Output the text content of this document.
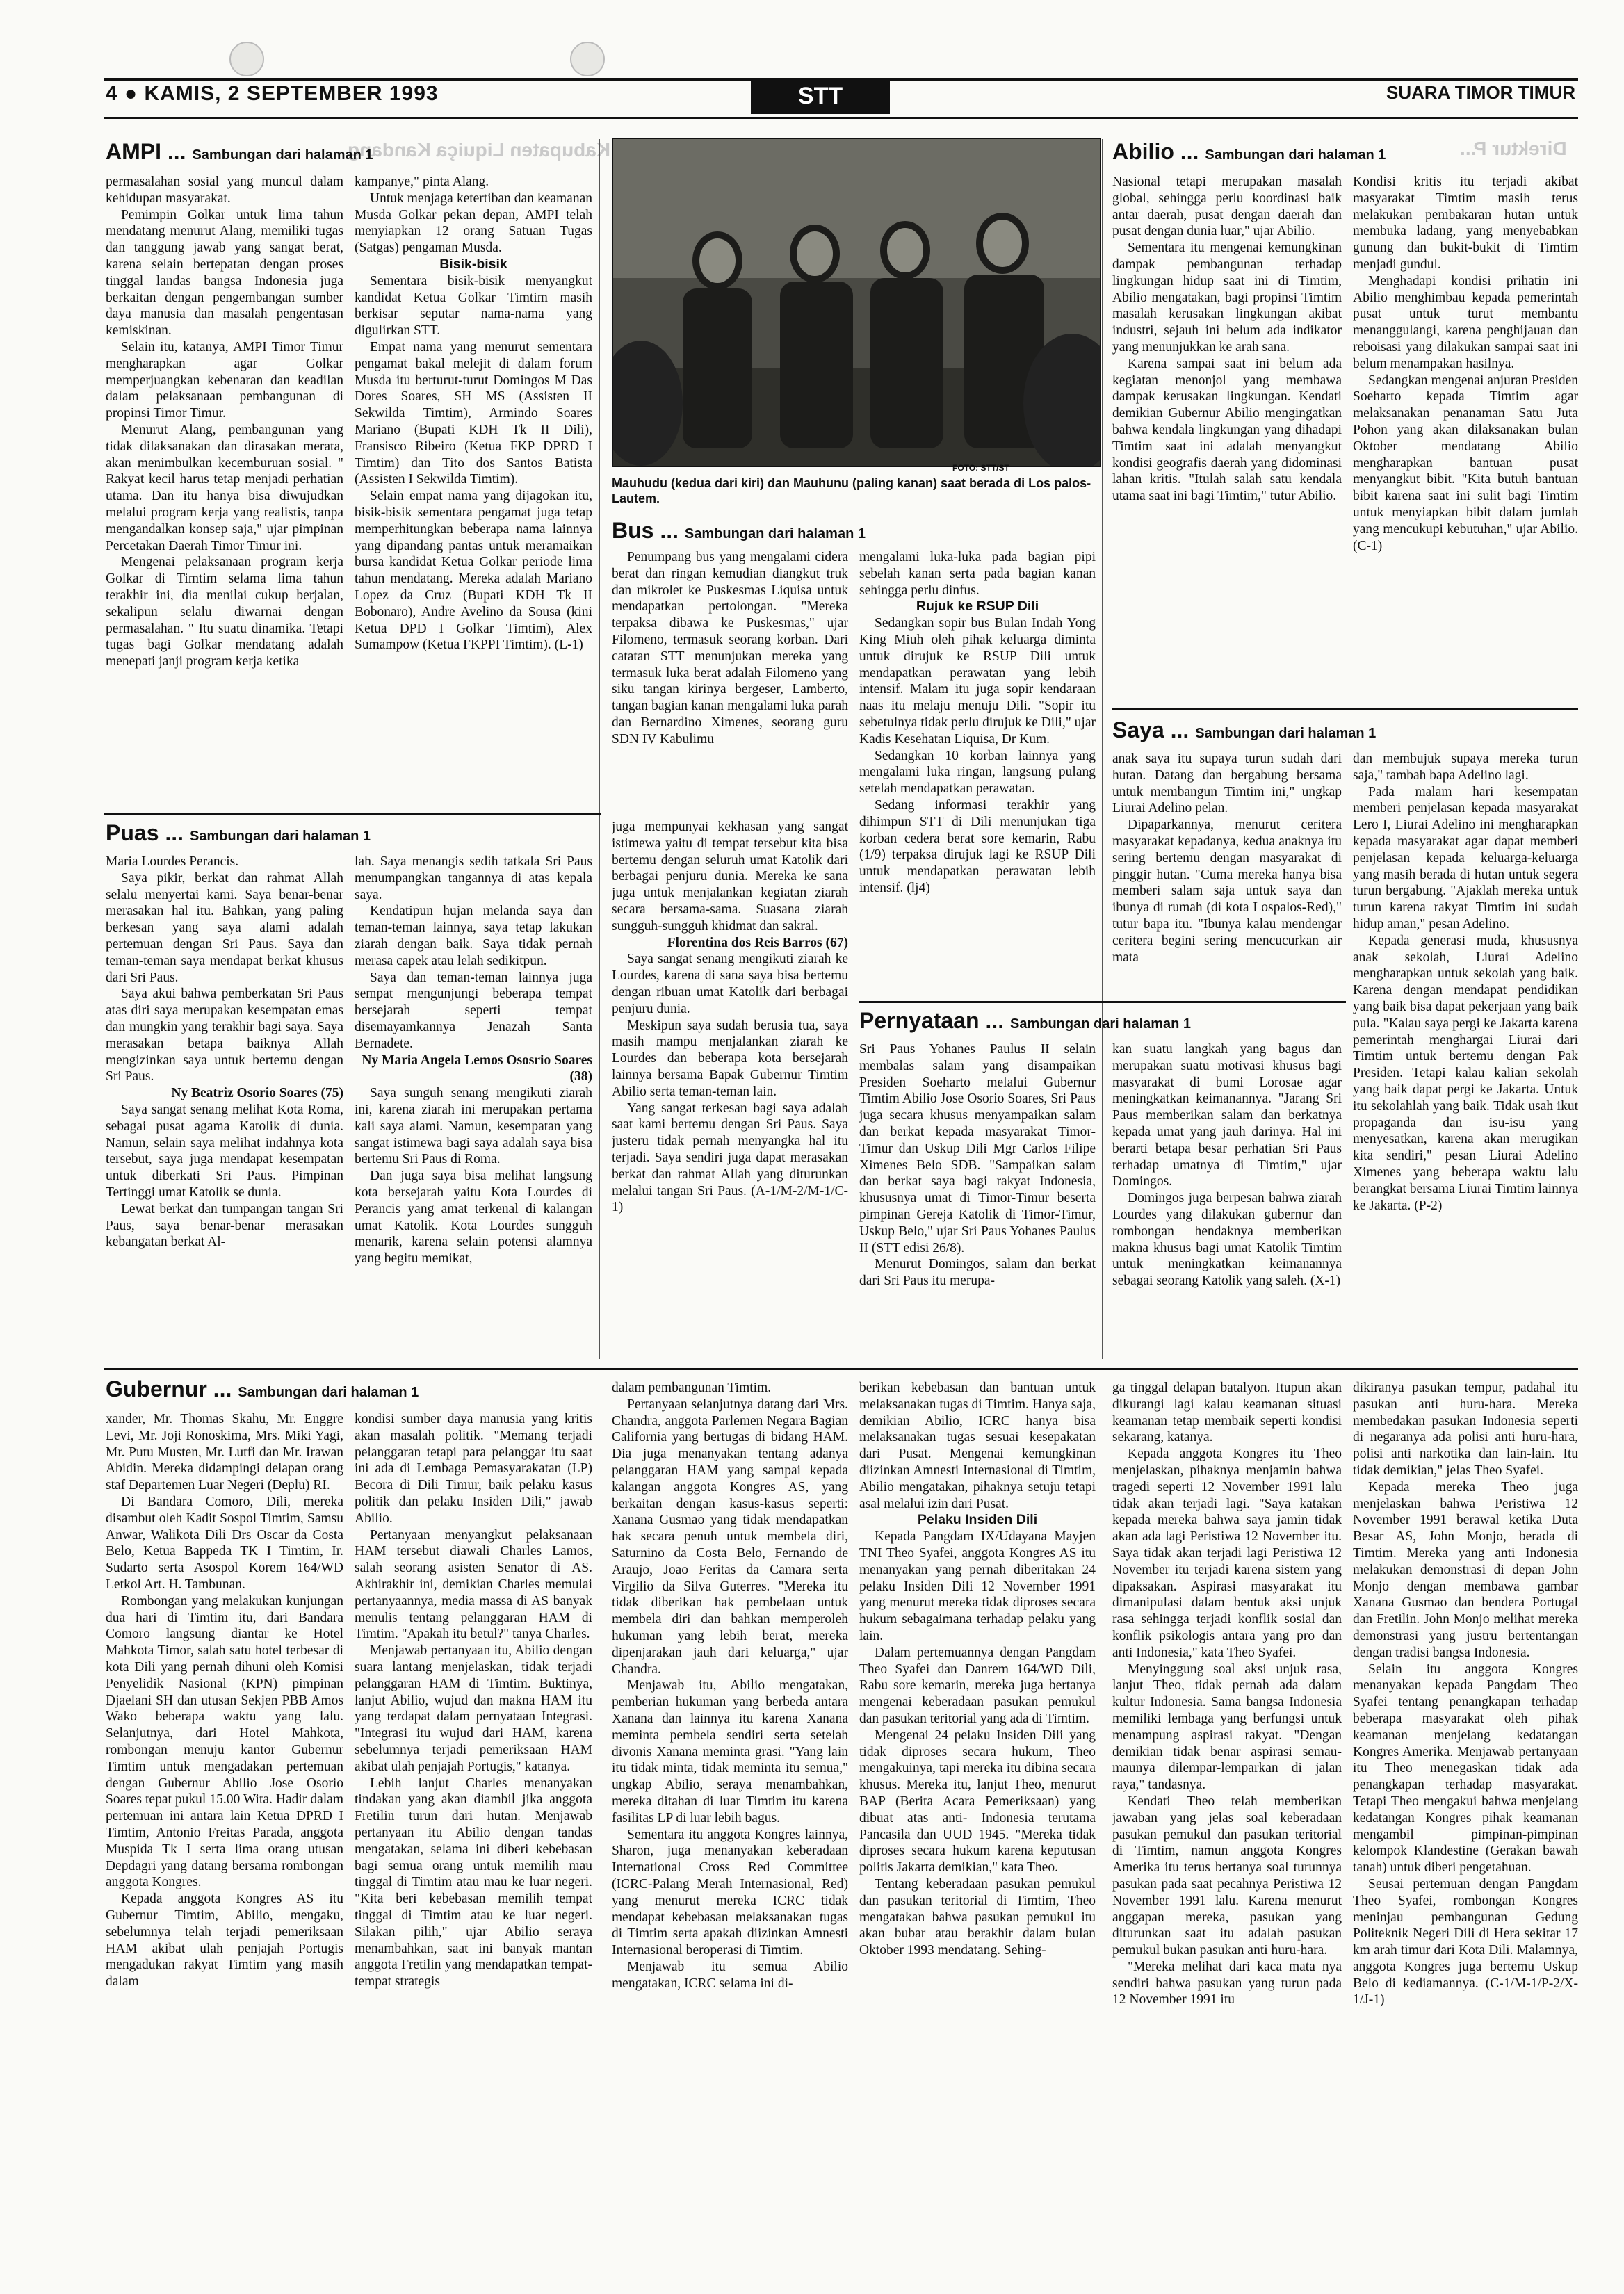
Kabupaten Liquiça Kandang	Direktur P...
4 ● KAMIS, 2 SEPTEMBER 1993	STT	SUARA TIMOR TIMUR
AMPI ... Sambungan dari halaman 1

permasalahan sosial yang muncul dalam kehidupan masyarakat.

Pemimpin Golkar untuk lima tahun mendatang menurut Alang, memiliki tugas dan tanggung jawab yang sangat berat, karena selain bertepatan dengan proses tinggal landas bangsa Indonesia juga berkaitan dengan pengembangan sumber daya manusia dan masalah pengentasan kemiskinan.

Selain itu, katanya, AMPI Timor Timur mengharapkan agar Golkar memperjuangkan kebenaran dan keadilan dalam pelaksanaan pembangunan di propinsi Timor Timur.

Menurut Alang, pembangunan yang tidak dilaksanakan dan dirasakan merata, akan menimbulkan kecemburuan sosial. " Rakyat kecil harus tetap menjadi perhatian utama. Dan itu hanya bisa diwujudkan melalui program kerja yang realistis, tanpa mengandalkan konsep saja," ujar pimpinan Percetakan Daerah Timor Timur ini.

Mengenai pelaksanaan program kerja Golkar di Timtim selama lima tahun terakhir ini, dia menilai cukup berjalan, sekalipun selalu diwarnai dengan permasalahan. " Itu suatu dinamika. Tetapi tugas bagi Golkar mendatang adalah menepati janji program kerja ketika

kampanye," pinta Alang.

Untuk menjaga ketertiban dan keamanan Musda Golkar pekan depan, AMPI telah menyiapkan 12 orang Satuan Tugas (Satgas) pengaman Musda.

Bisik-bisik

Sementara bisik-bisik menyangkut kandidat Ketua Golkar Timtim masih berkisar seputar nama-nama yang digulirkan STT.

Empat nama yang menurut sementara pengamat bakal melejit di dalam forum Musda itu berturut-turut Domingos M Das Dores Soares, SH MS (Assisten II Sekwilda Timtim), Armindo Soares Mariano (Bupati KDH Tk II Dili), Fransisco Ribeiro (Ketua FKP DPRD I Timtim) dan Tito dos Santos Batista (Assisten I Sekwilda Timtim).

Selain empat nama yang dijagokan itu, bisik-bisik sementara pengamat juga tetap memperhitungkan beberapa nama lainnya yang dipandang pantas untuk meramaikan bursa kandidat Ketua Golkar periode lima tahun mendatang. Mereka adalah Mariano Lopez da Cruz (Bupati KDH Tk II Bobonaro), Andre Avelino da Sousa (kini Ketua DPD I Golkar Timtim), Alex Sumampow (Ketua FKPPI Timtim). (L-1)

FOTO: STT/ST
Mauhudu (kedua dari kiri) dan Mauhunu (paling kanan) saat berada di Los palos-Lautem.
Bus ... Sambungan dari halaman 1

Penumpang bus yang mengalami cidera berat dan ringan kemudian diangkut truk dan mikrolet ke Puskesmas Liquisa untuk mendapatkan pertolongan. "Mereka terpaksa dibawa ke Puskesmas," ujar Filomeno, termasuk seorang korban. Dari catatan STT menunjukan mereka yang termasuk luka berat adalah Filomeno yang siku tangan kirinya bergeser, Lamberto, tangan bagian kanan mengalami luka parah dan Bernardino Ximenes, seorang guru SDN IV Kabulimu

mengalami luka-luka pada bagian pipi sebelah kanan serta pada bagian kanan sehingga perlu dinfus.

Rujuk ke RSUP Dili

Sedangkan sopir bus Bulan Indah Yong King Miuh oleh pihak keluarga diminta untuk dirujuk ke RSUP Dili untuk mendapatkan perawatan yang lebih intensif. Malam itu juga sopir kendaraan naas itu melaju menuju Dili. "Sopir itu sebetulnya tidak perlu dirujuk ke Dili," ujar Kadis Kesehatan Liquisa, Dr Kum.

Sedangkan 10 korban lainnya yang mengalami luka ringan, langsung pulang setelah mendapatkan perawatan.

Sedang informasi terakhir yang dihimpun STT di Dili menunjukan tiga korban cedera berat sore kemarin, Rabu (1/9) terpaksa dirujuk lagi ke RSUP Dili untuk mendapatkan perawatan lebih intensif. (lj4)

Abilio ... Sambungan dari halaman 1

Nasional tetapi merupakan masalah global, sehingga perlu koordinasi baik antar daerah, pusat dengan daerah dan pusat dengan dunia luar," ujar Abilio.

Sementara itu mengenai kemungkinan dampak pembangunan terhadap lingkungan hidup saat ini di Timtim, Abilio mengatakan, bagi propinsi Timtim masalah kerusakan lingkungan akibat industri, sejauh ini belum ada indikator yang menunjukkan ke arah sana.

Karena sampai saat ini belum ada kegiatan menonjol yang membawa dampak kerusakan lingkungan. Kendati demikian Gubernur Abilio mengingatkan bahwa kendala lingkungan yang dihadapi Timtim saat ini adalah menyangkut kondisi geografis daerah yang didominasi lahan kritis. "Itulah salah satu kendala utama saat ini bagi Timtim," tutur Abilio.

Kondisi kritis itu terjadi akibat masyarakat Timtim masih terus melakukan pembakaran hutan untuk membuka ladang, yang menyebabkan gunung dan bukit-bukit di Timtim menjadi gundul.

Menghadapi kondisi prihatin ini Abilio menghimbau kepada pemerintah pusat untuk turut membantu menanggulangi, karena penghijauan dan reboisasi yang dilakukan sampai saat ini belum menampakan hasilnya.

Sedangkan mengenai anjuran Presiden Soeharto kepada Timtim agar melaksanakan penanaman Satu Juta Pohon yang akan dilaksanakan bulan Oktober mendatang Abilio mengharapkan bantuan pusat menyangkut bibit. "Kita butuh bantuan bibit karena saat ini sulit bagi Timtim untuk menyiapkan bibit dalam jumlah yang mencukupi kebutuhan," ujar Abilio. (C-1)

Saya ... Sambungan dari halaman 1

anak saya itu supaya turun sudah dari hutan. Datang dan bergabung bersama untuk membangun Timtim ini," ungkap Liurai Adelino pelan.

Dipaparkannya, menurut ceritera masyarakat kepadanya, kedua anaknya itu sering bertemu dengan masyarakat di pinggir hutan. "Cuma mereka hanya bisa memberi salam saja untuk saya dan ibunya di rumah (di kota Lospalos-Red)," tutur bapa itu. "Ibunya kalau mendengar ceritera begini sering mencucurkan air mata

dan membujuk supaya mereka turun saja," tambah bapa Adelino lagi.

Pada malam hari kesempatan memberi penjelasan kepada masyarakat Lero I, Liurai Adelino ini mengharapkan kepada masyarakat agar dapat memberi penjelasan kepada keluarga-keluarga yang masih berada di hutan untuk segera turun bergabung. "Ajaklah mereka untuk turun karena rakyat Timtim ini sudah hidup aman," pesan Adelino.

Kepada generasi muda, khususnya anak sekolah, Liurai Adelino mengharapkan untuk sekolah yang baik. Karena dengan mendapat pendidikan yang baik bisa dapat pekerjaan yang baik pula. "Kalau saya pergi ke Jakarta karena pemerintah menghargai Liurai dari Timtim untuk bertemu dengan Pak Presiden. Tetapi kalau kalian sekolah yang baik dapat pergi ke Jakarta. Untuk itu sekolahlah yang baik. Tidak usah ikut propaganda dan isu-isu yang menyesatkan, karena akan merugikan kita sendiri," pesan Liurai Adelino Ximenes yang beberapa waktu lalu berangkat bersama Liurai Timtim lainnya ke Jakarta. (P-2)

Puas ... Sambungan dari halaman 1

Maria Lourdes Perancis.

Saya pikir, berkat dan rahmat Allah selalu menyertai kami. Saya benar-benar merasakan hal itu. Bahkan, yang paling berkesan yang saya alami adalah pertemuan dengan Sri Paus. Saya dan teman-teman saya mendapat berkat khusus dari Sri Paus.

Saya akui bahwa pemberkatan Sri Paus atas diri saya merupakan kesempatan emas dan mungkin yang terakhir bagi saya. Saya merasakan betapa baiknya Allah mengizinkan saya untuk bertemu dengan Sri Paus.

Ny Beatriz Osorio Soares (75)

Saya sangat senang melihat Kota Roma, sebagai pusat agama Katolik di dunia. Namun, selain saya melihat indahnya kota tersebut, saya juga mendapat kesempatan untuk diberkati Sri Paus. Pimpinan Tertinggi umat Katolik se dunia.

Lewat berkat dan tumpangan tangan Sri Paus, saya benar-benar merasakan kebangatan berkat Al-

lah. Saya menangis sedih tatkala Sri Paus menumpangkan tangannya di atas kepala saya.

Kendatipun hujan melanda saya dan teman-teman lainnya, saya tetap lakukan ziarah dengan baik. Saya tidak pernah merasa capek atau lelah sedikitpun.

Saya dan teman-teman lainnya juga sempat mengunjungi beberapa tempat bersejarah seperti tempat disemayamkannya Jenazah Santa Bernadete.

Ny Maria Angela Lemos Ososrio Soares (38)

Saya sunguh senang mengikuti ziarah ini, karena ziarah ini merupakan pertama kali saya alami. Namun, kesempatan yang sangat istimewa bagi saya adalah saya bisa bertemu Sri Paus di Roma.

Dan juga saya bisa melihat langsung kota bersejarah yaitu Kota Lourdes di Perancis yang amat terkenal di kalangan umat Katolik. Kota Lourdes sungguh menarik, karena selain potensi alamnya yang begitu memikat,

juga mempunyai kekhasan yang sangat istimewa yaitu di tempat tersebut kita bisa bertemu dengan seluruh umat Katolik dari berbagai penjuru dunia. Mereka ke sana juga untuk menjalankan kegiatan ziarah secara bersama-sama. Suasana ziarah sungguh-sungguh khidmat dan sakral.

Florentina dos Reis Barros (67)

Saya sangat senang mengikuti ziarah ke Lourdes, karena di sana saya bisa bertemu dengan ribuan umat Katolik dari berbagai penjuru dunia.

Meskipun saya sudah berusia tua, saya masih mampu menjalankan ziarah ke Lourdes dan beberapa kota bersejarah lainnya bersama Bapak Gubernur Timtim Abilio serta teman-teman lain.

Yang sangat terkesan bagi saya adalah saat kami bertemu dengan Sri Paus. Saya justeru tidak pernah menyangka hal itu terjadi. Saya sendiri juga dapat merasakan berkat dan rahmat Allah yang diturunkan melalui tangan Sri Paus. (A-1/M-2/M-1/C-1)

Pernyataan ... Sambungan dari halaman 1

Sri Paus Yohanes Paulus II selain membalas salam yang disampaikan Presiden Soeharto melalui Gubernur Timtim Abilio Jose Osorio Soares, Sri Paus juga secara khusus menyampaikan salam dan berkat kepada masyarakat Timor-Timur dan Uskup Dili Mgr Carlos Filipe Ximenes Belo SDB. "Sampaikan salam dan berkat saya bagi rakyat Indonesia, khususnya umat di Timor-Timur beserta pimpinan Gereja Katolik di Timor-Timur, Uskup Belo," ujar Sri Paus Yohanes Paulus II (STT edisi 26/8).

Menurut Domingos, salam dan berkat dari Sri Paus itu merupa-

kan suatu langkah yang bagus dan merupakan suatu motivasi khusus bagi masyarakat di bumi Lorosae agar meningkatkan keimanannya. "Jarang Sri Paus memberikan salam dan berkatnya kepada umat yang jauh darinya. Hal ini berarti betapa besar perhatian Sri Paus terhadap umatnya di Timtim," ujar Domingos.

Domingos juga berpesan bahwa ziarah Lourdes yang dilakukan gubernur dan rombongan hendaknya memberikan makna khusus bagi umat Katolik Timtim untuk meningkatkan keimanannya sebagai seorang Katolik yang saleh. (X-1)

Gubernur ... Sambungan dari halaman 1

xander, Mr. Thomas Skahu, Mr. Enggre Levi, Mr. Joji Ronoskima, Mrs. Miki Yagi, Mr. Putu Musten, Mr. Lutfi dan Mr. Irawan Abidin. Mereka didampingi delapan orang staf Departemen Luar Negeri (Deplu) RI.

Di Bandara Comoro, Dili, mereka disambut oleh Kadit Sospol Timtim, Samsu Anwar, Walikota Dili Drs Oscar da Costa Belo, Ketua Bappeda TK I Timtim, Ir. Sudarto serta Asospol Korem 164/WD Letkol Art. H. Tambunan.

Rombongan yang melakukan kunjungan dua hari di Timtim itu, dari Bandara Comoro langsung diantar ke Hotel Mahkota Timor, salah satu hotel terbesar di kota Dili yang pernah dihuni oleh Komisi Penyelidik Nasional (KPN) pimpinan Djaelani SH dan utusan Sekjen PBB Amos Wako beberapa waktu yang lalu. Selanjutnya, dari Hotel Mahkota, rombongan menuju kantor Gubernur Timtim untuk mengadakan pertemuan dengan Gubernur Abilio Jose Osorio Soares tepat pukul 15.00 Wita. Hadir dalam pertemuan ini antara lain Ketua DPRD I Timtim, Antonio Freitas Parada, anggota Muspida Tk I serta lima orang utusan Depdagri yang datang bersama rombongan anggota Kongres.

Kepada anggota Kongres AS itu Gubernur Timtim, Abilio, mengaku, sebelumnya telah terjadi pemeriksaan HAM akibat ulah penjajah Portugis mengadukan rakyat Timtim yang masih dalam

kondisi sumber daya manusia yang kritis akan masalah politik. "Memang terjadi pelanggaran tetapi para pelanggar itu saat ini ada di Lembaga Pemasyarakatan (LP) Becora di Dili Timur, baik pelaku kasus politik dan pelaku Insiden Dili," jawab Abilio.

Pertanyaan menyangkut pelaksanaan HAM tersebut diawali Charles Lamos, salah seorang asisten Senator di AS. Akhirakhir ini, demikian Charles memulai pertanyaannya, media massa di AS banyak menulis tentang pelanggaran HAM di Timtim. "Apakah itu betul?" tanya Charles.

Menjawab pertanyaan itu, Abilio dengan suara lantang menjelaskan, tidak terjadi pelanggaran HAM di Timtim. Buktinya, lanjut Abilio, wujud dan makna HAM itu yang terdapat dalam pernyataan Integrasi. "Integrasi itu wujud dari HAM, karena sebelumnya terjadi pemeriksaan HAM akibat ulah penjajah Portugis," katanya.

Lebih lanjut Charles menanyakan tindakan yang akan diambil jika anggota Fretilin turun dari hutan. Menjawab pertanyaan itu Abilio dengan tandas mengatakan, selama ini diberi kebebasan bagi semua orang untuk memilih mau tinggal di Timtim atau mau ke luar negeri. "Kita beri kebebasan memilih tempat tinggal di Timtim atau ke luar negeri. Silakan pilih," ujar Abilio seraya menambahkan, saat ini banyak mantan anggota Fretilin yang mendapatkan tempat-tempat strategis

dalam pembangunan Timtim.

Pertanyaan selanjutnya datang dari Mrs. Chandra, anggota Parlemen Negara Bagian California yang bertugas di bidang HAM. Dia juga menanyakan tentang adanya pelanggaran HAM yang sampai kepada kalangan anggota Kongres AS, yang berkaitan dengan kasus-kasus seperti: Xanana Gusmao yang tidak mendapatkan hak secara penuh untuk membela diri, Saturnino da Costa Belo, Fernando de Araujo, Joao Feritas da Camara serta Virgilio da Silva Guterres. "Mereka itu tidak diberikan hak pembelaan untuk membela diri dan bahkan memperoleh hukuman yang lebih berat, mereka dipenjarakan jauh dari keluarga," ujar Chandra.

Menjawab itu, Abilio mengatakan, pemberian hukuman yang berbeda antara Xanana dan lainnya itu karena Xanana meminta pembela sendiri serta setelah divonis Xanana meminta grasi. "Yang lain itu tidak minta, tidak meminta itu semua," ungkap Abilio, seraya menambahkan, mereka ditahan di luar Timtim itu karena fasilitas LP di luar lebih bagus.

Sementara itu anggota Kongres lainnya, Sharon, juga menanyakan keberadaan International Cross Red Committee (ICRC-Palang Merah Internasional, Red) yang menurut mereka ICRC tidak mendapat kebebasan melaksanakan tugas di Timtim serta apakah diizinkan Amnesti Internasional beroperasi di Timtim.

Menjawab itu semua Abilio mengatakan, ICRC selama ini di-

berikan kebebasan dan bantuan untuk melaksanakan tugas di Timtim. Hanya saja, demikian Abilio, ICRC hanya bisa melaksanakan tugas sesuai kesepakatan dari Pusat. Mengenai kemungkinan diizinkan Amnesti Internasional di Timtim, Abilio mengatakan, pihaknya setuju tetapi asal melalui izin dari Pusat.

Pelaku Insiden Dili

Kepada Pangdam IX/Udayana Mayjen TNI Theo Syafei, anggota Kongres AS itu menanyakan yang pernah diberitakan 24 pelaku Insiden Dili 12 November 1991 yang menurut mereka tidak diproses secara hukum sebagaimana terhadap pelaku yang lain.

Dalam pertemuannya dengan Pangdam Theo Syafei dan Danrem 164/WD Dili, Rabu sore kemarin, mereka juga bertanya mengenai keberadaan pasukan pemukul dan pasukan teritorial yang ada di Timtim.

Mengenai 24 pelaku Insiden Dili yang tidak diproses secara hukum, Theo mengakuinya, tapi mereka itu dibina secara khusus. Mereka itu, lanjut Theo, menurut BAP (Berita Acara Pemeriksaan) yang dibuat atas anti- Indonesia terutama Pancasila dan UUD 1945. "Mereka tidak diproses secara hukum karena keputusan politis Jakarta demikian," kata Theo.

Tentang keberadaan pasukan pemukul dan pasukan teritorial di Timtim, Theo mengatakan bahwa pasukan pemukul itu akan bubar atau berakhir dalam bulan Oktober 1993 mendatang. Sehing-

ga tinggal delapan batalyon. Itupun akan dikurangi lagi kalau keamanan situasi keamanan tetap membaik seperti kondisi sekarang, katanya.

Kepada anggota Kongres itu Theo menjelaskan, pihaknya menjamin bahwa tragedi seperti 12 November 1991 lalu tidak akan terjadi lagi. "Saya katakan kepada mereka bahwa saya jamin tidak akan ada lagi Peristiwa 12 November itu. Saya tidak akan terjadi lagi Peristiwa 12 November itu terjadi karena sistem yang dipaksakan. Aspirasi masyarakat itu dimanipulasi dalam bentuk aksi unjuk rasa sehingga terjadi konflik sosial dan konflik psikologis antara yang pro dan anti Indonesia," kata Theo Syafei.

Menyinggung soal aksi unjuk rasa, lanjut Theo, tidak pernah ada dalam kultur Indonesia. Sama bangsa Indonesia memiliki lembaga yang berfungsi untuk menampung aspirasi rakyat. "Dengan demikian tidak benar aspirasi semau-maunya dilempar-lemparkan di jalan raya," tandasnya.

Kendati Theo telah memberikan jawaban yang jelas soal keberadaan pasukan pemukul dan pasukan teritorial di Timtim, namun anggota Kongres Amerika itu terus bertanya soal turunnya pasukan pada saat pecahnya Peristiwa 12 November 1991 lalu. Karena menurut anggapan mereka, pasukan yang diturunkan saat itu adalah pasukan pemukul bukan pasukan anti huru-hara.

"Mereka melihat dari kaca mata nya sendiri bahwa pasukan yang turun pada 12 November 1991 itu

dikiranya pasukan tempur, padahal itu pasukan anti huru-hara. Mereka membedakan pasukan Indonesia seperti di negaranya ada polisi anti huru-hara, polisi anti narkotika dan lain-lain. Itu tidak demikian," jelas Theo Syafei.

Kepada mereka Theo juga menjelaskan bahwa Peristiwa 12 November 1991 berawal ketika Duta Besar AS, John Monjo, berada di Timtim. Mereka yang anti Indonesia melakukan demonstrasi di depan John Monjo dengan membawa gambar Xanana Gusmao dan bendera Portugal dan Fretilin. John Monjo melihat mereka demonstrasi yang justru bertentangan dengan tradisi bangsa Indonesia.

Selain itu anggota Kongres menanyakan kepada Pangdam Theo Syafei tentang penangkapan terhadap beberapa masyarakat oleh pihak keamanan menjelang kedatangan Kongres Amerika. Menjawab pertanyaan itu Theo menegaskan tidak ada penangkapan terhadap masyarakat. Tetapi Theo mengakui bahwa menjelang kedatangan Kongres pihak keamanan mengambil pimpinan-pimpinan kelompok Klandestine (Gerakan bawah tanah) untuk diberi pengetahuan.

Seusai pertemuan dengan Pangdam Theo Syafei, rombongan Kongres meninjau pembangunan Gedung Politeknik Negeri Dili di Hera sekitar 17 km arah timur dari Kota Dili. Malamnya, anggota Kongres juga bertemu Uskup Belo di kediamannya. (C-1/M-1/P-2/X-1/J-1)
